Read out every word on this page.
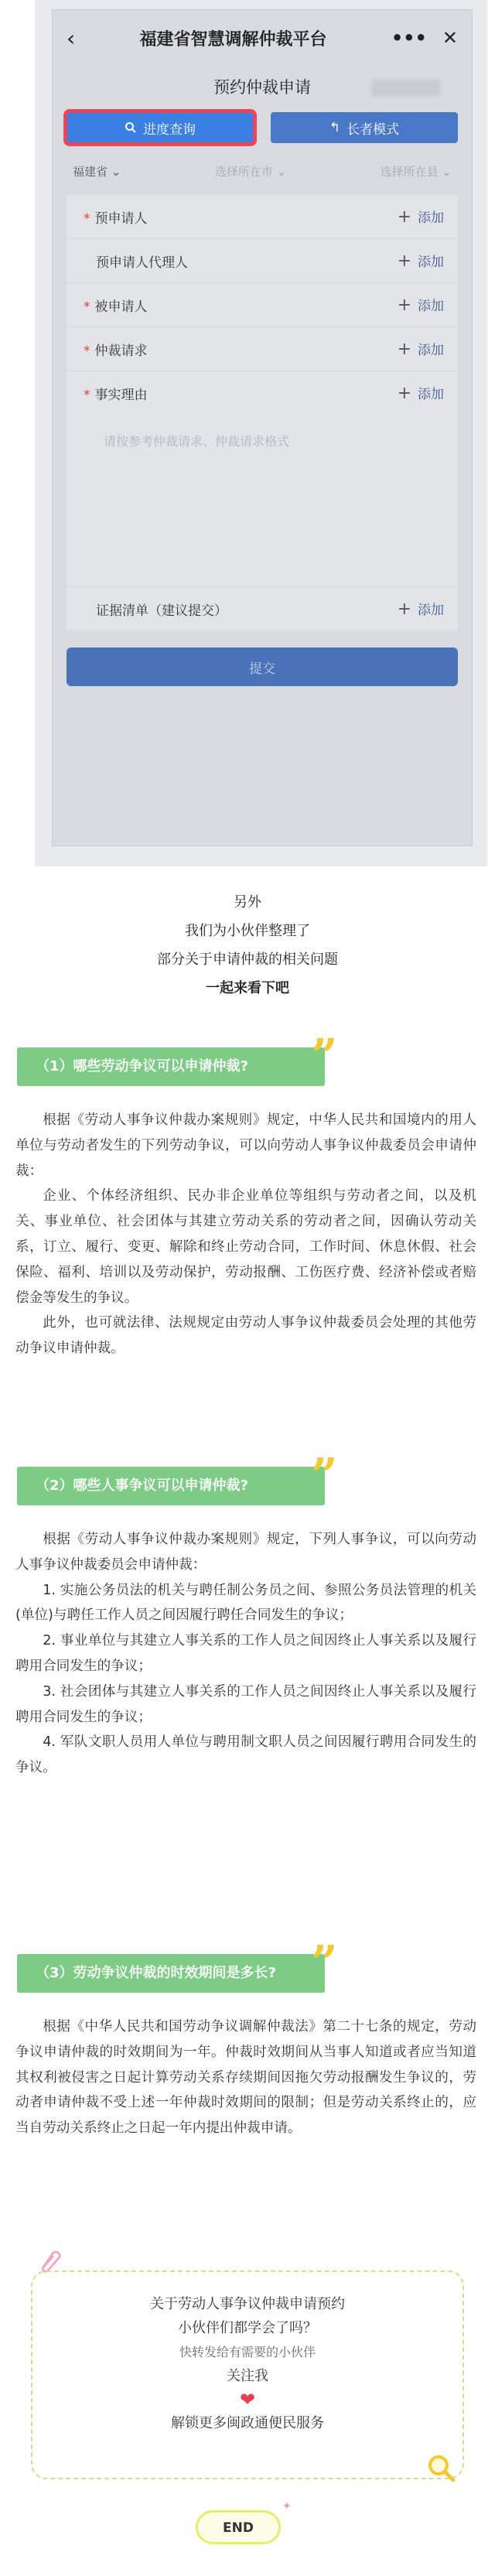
‹	福建省智慧调解仲裁平台	••• ✕
预约仲裁申请
进度查询	↰ 长者模式
福建省 ⌄	选择所在市 ⌄	选择所在县 ⌄
* 预申请人	+ 添加
预申请人代理人	+ 添加
* 被申请人	+ 添加
* 仲裁请求	+ 添加
* 事实理由	+ 添加
请按参考仲裁请求、仲裁请求格式
证据清单（建议提交）	+ 添加
提交
另外
我们为小伙伴整理了
部分关于申请仲裁的相关问题
一起来看下吧
（1）哪些劳动争议可以申请仲裁?	”

根据《劳动人事争议仲裁办案规则》规定，中华人民共和国境内的用人单位与劳动者发生的下列劳动争议，可以向劳动人事争议仲裁委员会申请仲裁：

企业、个体经济组织、民办非企业单位等组织与劳动者之间，以及机关、事业单位、社会团体与其建立劳动关系的劳动者之间，因确认劳动关系，订立、履行、变更、解除和终止劳动合同，工作时间、休息休假、社会保险、福利、培训以及劳动保护，劳动报酬、工伤医疗费、经济补偿或者赔偿金等发生的争议。

此外，也可就法律、法规规定由劳动人事争议仲裁委员会处理的其他劳动争议申请仲裁。

（2）哪些人事争议可以申请仲裁?	”

根据《劳动人事争议仲裁办案规则》规定，下列人事争议，可以向劳动人事争议仲裁委员会申请仲裁：

1. 实施公务员法的机关与聘任制公务员之间、参照公务员法管理的机关(单位)与聘任工作人员之间因履行聘任合同发生的争议；

2. 事业单位与其建立人事关系的工作人员之间因终止人事关系以及履行聘用合同发生的争议；

3. 社会团体与其建立人事关系的工作人员之间因终止人事关系以及履行聘用合同发生的争议；

4. 军队文职人员用人单位与聘用制文职人员之间因履行聘用合同发生的争议。

（3）劳动争议仲裁的时效期间是多长? ”

根据《中华人民共和国劳动争议调解仲裁法》第二十七条的规定，劳动争议申请仲裁的时效期间为一年。仲裁时效期间从当事人知道或者应当知道其权利被侵害之日起计算劳动关系存续期间因拖欠劳动报酬发生争议的，劳动者申请仲裁不受上述一年仲裁时效期间的限制；但是劳动关系终止的，应当自劳动关系终止之日起一年内提出仲裁申请。

关于劳动人事争议仲裁申请预约
小伙伴们都学会了吗？
快转发给有需要的小伙伴
关注我
❤
解锁更多闽政通便民服务
END
✦
